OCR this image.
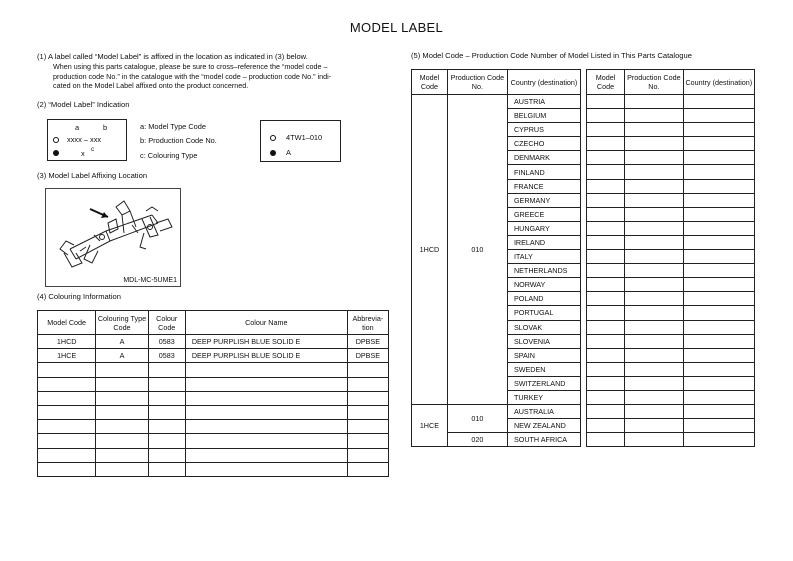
MODEL LABEL
(1) A label called “Model Label” is affixed in the location as indicated in (3) below.
When using this parts catalogue, please be sure to cross–reference the “model code –
production code No.” in the catalogue with the “model code – production code No.” indi-
cated on the Model Label affixed onto the product concerned.
(2) “Model Label” Indication
a	b
xxxx – xxx
x c
a: Model Type Code
b: Production Code No.
c: Colouring Type
4TW1–010
A
(3) Model Label Affixing Location
MDL-MC-5UME1
(4) Colouring Information
Model Code	Colouring Type Code	Colour Code	Colour Name	Abbrevia- tion
1HCD	A	0583	DEEP PURPLISH BLUE SOLID E	DPBSE
1HCE	A	0583	DEEP PURPLISH BLUE SOLID E	DPBSE

(5) Model Code – Production Code Number of Model Listed in This Parts Catalogue
Model Code	Production Code No.	Country (destination)
1HCD	010	AUSTRIA
		BELGIUM
		CYPRUS
		CZECHO
		DENMARK
		FINLAND
		FRANCE
		GERMANY
		GREECE
		HUNGARY
		IRELAND
		ITALY
		NETHERLANDS
		NORWAY
		POLAND
		PORTUGAL
		SLOVAK
		SLOVENIA
		SPAIN
		SWEDEN
		SWITZERLAND
		TURKEY
1HCE	010	AUSTRALIA
		NEW ZEALAND
	020	SOUTH AFRICA
Model Code	Production Code No.	Country (destination)
